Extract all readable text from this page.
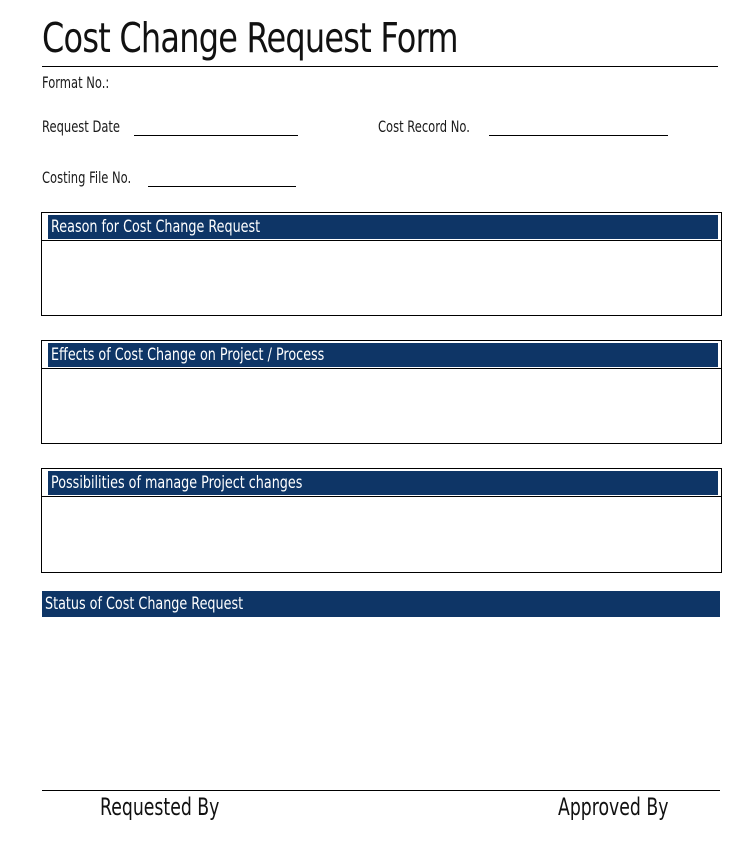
Cost Change Request Form
Format No.:
Request Date	Cost Record No.
Costing File No.
Reason for Cost Change Request
Effects of Cost Change on Project / Process
Possibilities of manage Project changes
Status of Cost Change Request
Requested By	Approved By
